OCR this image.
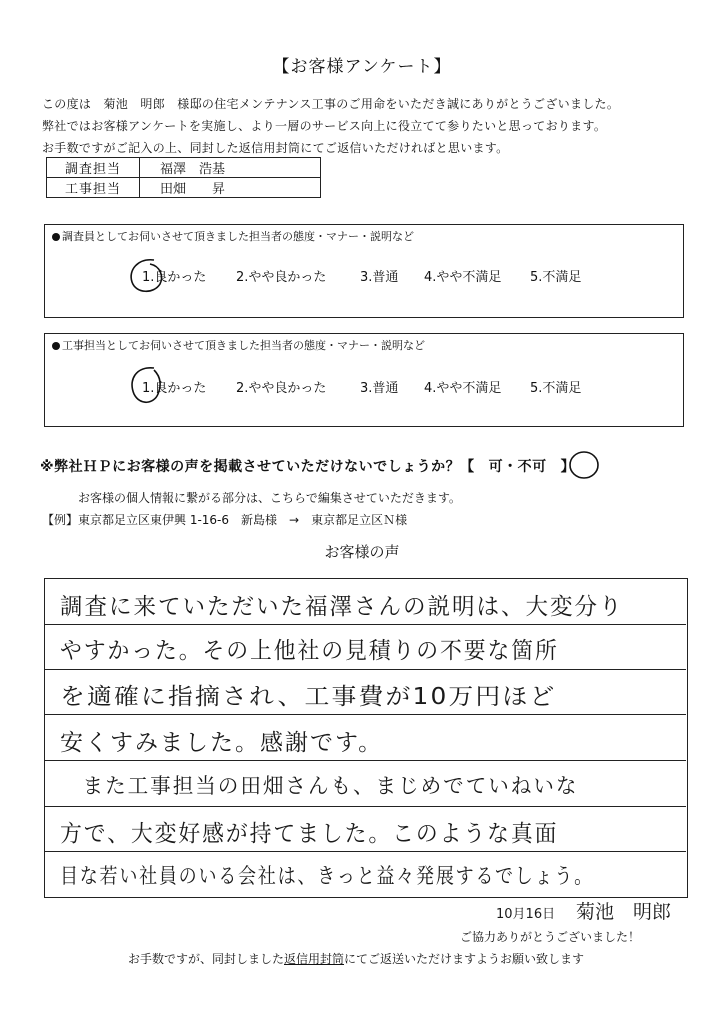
【お客様アンケート】
この度は　菊池　明郎　様邸の住宅メンテナンス工事のご用命をいただき誠にありがとうございました。
弊社ではお客様アンケートを実施し、より一層のサービス向上に役立てて参りたいと思っております。
お手数ですがご記入の上、同封した返信用封筒にてご返信いただければと思います。
調査担当	福澤　浩基
工事担当	田畑　　昇
調査員としてお伺いさせて頂きました担当者の態度・マナー・説明など
1.良かった 2.やや良かった	3.普通 4.やや不満足 5.不満足
工事担当としてお伺いさせて頂きました担当者の態度・マナー・説明など
1.良かった 2.やや良かった	3.普通 4.やや不満足 5.不満足
※弊社ＨＰにお客様の声を掲載させていただけないでしょうか？【 可・不可 】
お客様の個人情報に繋がる部分は、こちらで編集させていただきます。
【例】東京都足立区東伊興 1-16-6　新島様　→　東京都足立区Ｎ様
お客様の声
調査に来ていただいた福澤さんの説明は、大変分り
やすかった。その上他社の見積りの不要な箇所
を適確に指摘され、工事費が10万円ほど
安くすみました。感謝です。
　また工事担当の田畑さんも、まじめでていねいな
方で、大変好感が持てました。このような真面
目な若い社員のいる会社は、きっと益々発展するでしょう。
10月16日 菊池　明郎
ご協力ありがとうございました！
お手数ですが、同封しました返信用封筒にてご返送いただけますようお願い致します
